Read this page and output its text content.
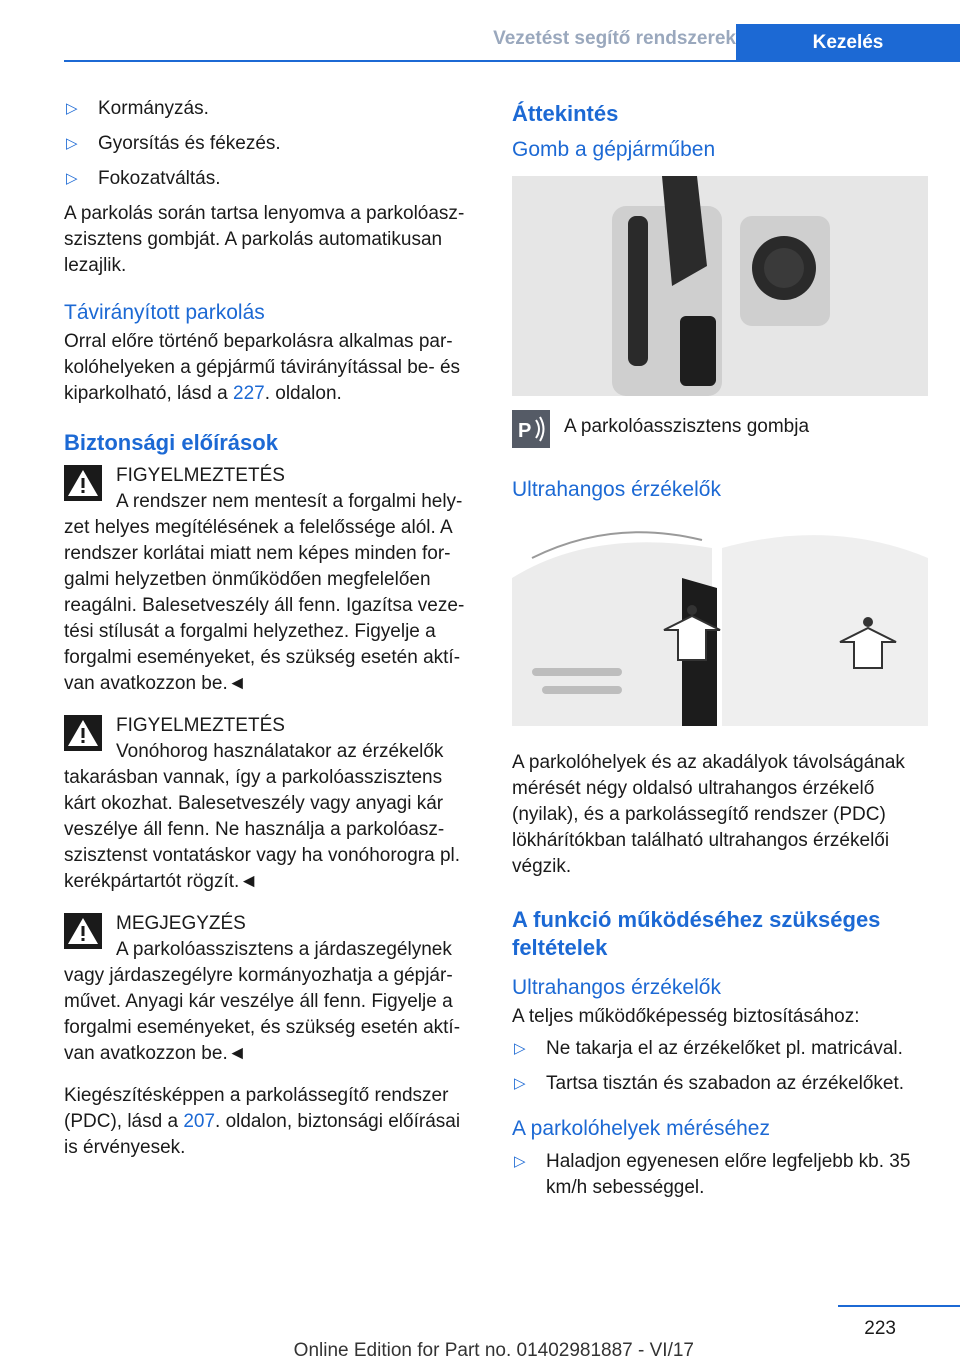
Vezetést segítő rendszerek	Kezelés
▷ Kormányzás.
▷ Gyorsítás és fékezés.
▷ Fokozatváltás.

A parkolás során tartsa lenyomva a parkolóaszszisztens gombját. A parkolás automatikusan lezajlik.

Távirányított parkolás

Orral előre történő beparkolásra alkalmas parkolóhelyeken a gépjármű távirányítással be- és kiparkolható, lásd a 227. oldalon.

Biztonsági előírások
FIGYELMEZTETÉS
A rendszer nem mentesít a forgalmi helyzet helyes megítélésének a felelőssége alól. A rendszer korlátai miatt nem képes minden forgalmi helyzetben önműködően megfelelően reagálni. Balesetveszély áll fenn. Igazítsa vezetési stílusát a forgalmi helyzethez. Figyelje a forgalmi eseményeket, és szükség esetén aktívan avatkozzon be.◄
FIGYELMEZTETÉS
Vonóhorog használatakor az érzékelők takarásban vannak, így a parkolóasszisztens kárt okozhat. Balesetveszély vagy anyagi kár veszélye áll fenn. Ne használja a parkolóaszszisztenst vontatáskor vagy ha vonóhorogra pl. kerékpártartót rögzít.◄
MEGJEGYZÉS
A parkolóasszisztens a járdaszegélynek vagy járdaszegélyre kormányozhatja a gépjárművet. Anyagi kár veszélye áll fenn. Figyelje a forgalmi eseményeket, és szükség esetén aktívan avatkozzon be.◄

Kiegészítésképpen a parkolássegítő rendszer (PDC), lásd a 207. oldalon, biztonsági előírásai is érvényesek.

Áttekintés
Gomb a gépjárműben
P A parkolóasszisztens gombja
Ultrahangos érzékelők

A parkolóhelyek és az akadályok távolságának mérését négy oldalsó ultrahangos érzékelő (nyilak), és a parkolássegítő rendszer (PDC) lökhárítókban található ultrahangos érzékelői végzik.

A funkció működéséhez szükséges feltételek
Ultrahangos érzékelők

A teljes működőképesség biztosításához:

▷ Ne takarja el az érzékelőket pl. matricával.
▷ Tartsa tisztán és szabadon az érzékelőket.
A parkolóhelyek méréséhez
▷ Haladjon egyenesen előre legfeljebb kb. 35 km/h sebességgel.
223
Online Edition for Part no. 01402981887 - VI/17
